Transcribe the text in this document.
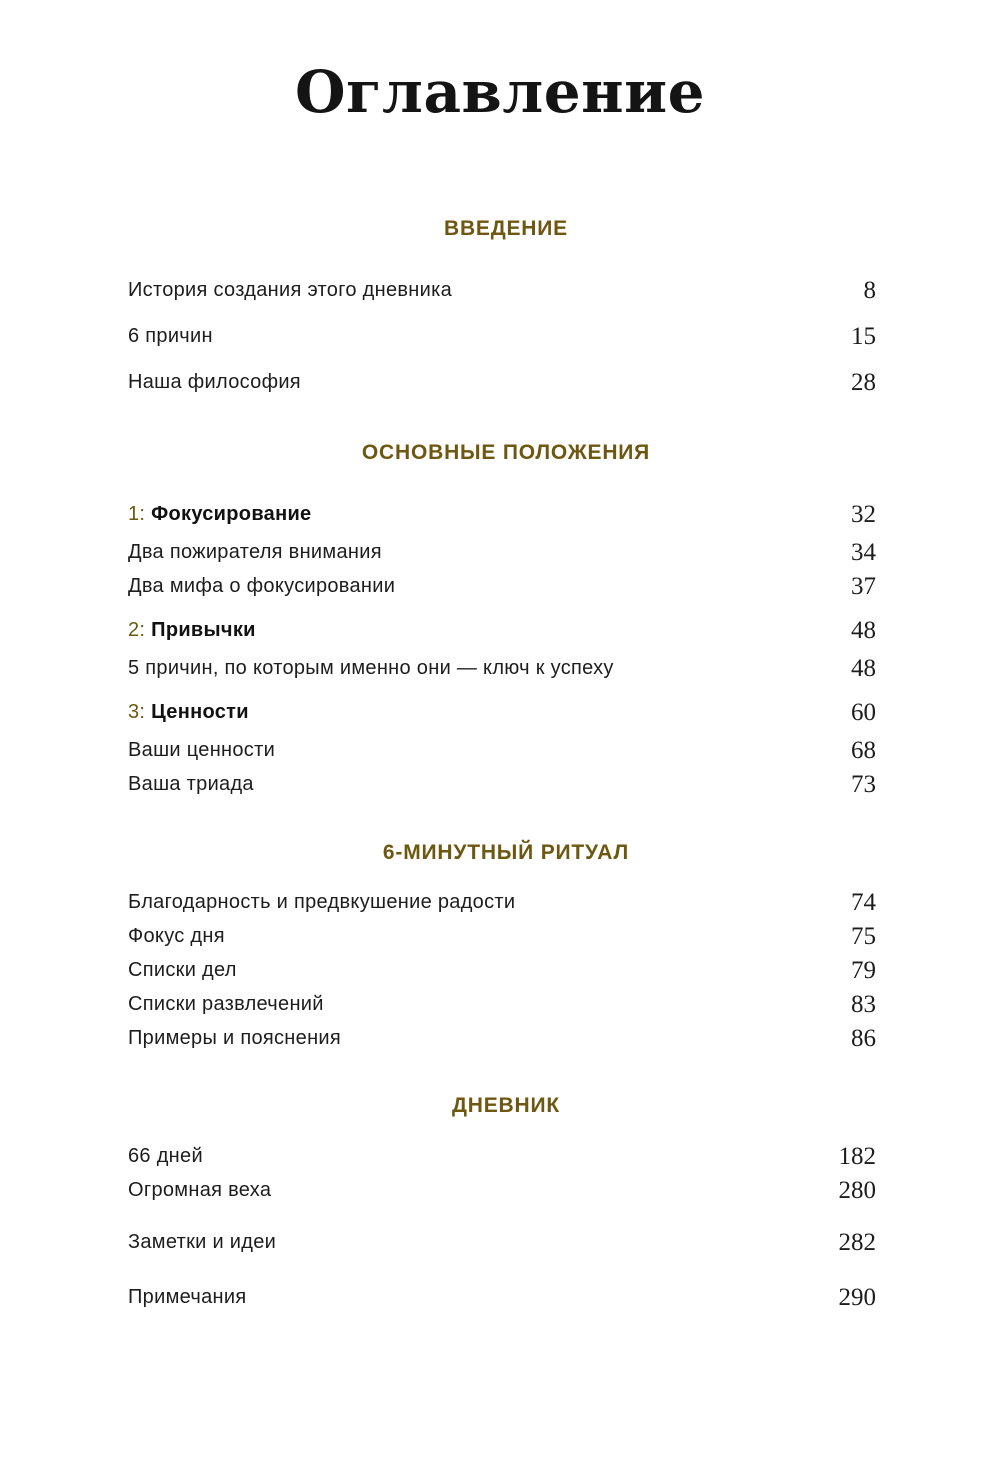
Оглавление
ВВЕДЕНИЕ
История создания этого дневника	8
6 причин	15
Наша философия	28
ОСНОВНЫЕ ПОЛОЖЕНИЯ
1: Фокусирование	32
Два пожирателя внимания	34
Два мифа о фокусировании	37
2: Привычки	48
5 причин, по которым именно они — ключ к успеху	48
3: Ценности	60
Ваши ценности	68
Ваша триада	73
6-МИНУТНЫЙ РИТУАЛ
Благодарность и предвкушение радости	74
Фокус дня	75
Списки дел	79
Списки развлечений	83
Примеры и пояснения	86
ДНЕВНИК
66 дней	182
Огромная веха	280
Заметки и идеи	282
Примечания	290
